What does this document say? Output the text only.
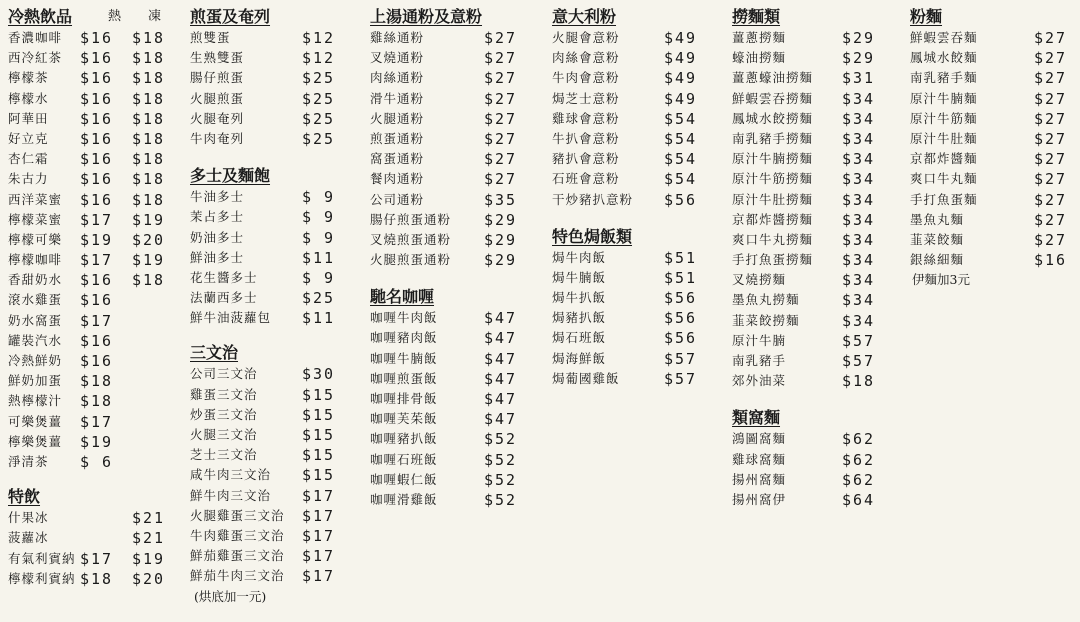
冷熱飲品	熱 凍
香濃咖啡 $16 $18
西冷紅茶 $16 $18
檸檬茶 $16 $18
檸檬水 $16 $18
阿華田 $16 $18
好立克 $16 $18
杏仁霜 $16 $18
朱古力 $16 $18
西洋菜蜜 $16 $18
檸檬菜蜜 $17 $19
檸檬可樂 $19 $20
檸檬咖啡 $17 $19
香甜奶水 $16 $18
滾水雞蛋 $16
奶水窩蛋 $17
罐裝汽水 $16
冷熱鮮奶 $16
鮮奶加蛋 $18
熱檸檬汁 $18
可樂煲薑 $17
檸樂煲薑 $19
淨清茶 $ 6
特飲
什果冰	$21
菠蘿冰	$21
有氣利賓納 $17 $19
檸檬利賓納 $18 $20
煎蛋及奄列
煎雙蛋	$12
生熟雙蛋	$12
腸仔煎蛋	$25
火腿煎蛋	$25
火腿奄列	$25
牛肉奄列	$25
多士及麵飽
牛油多士	$ 9
茉占多士	$ 9
奶油多士	$ 9
鮮油多士	$11
花生醬多士	$ 9
法蘭西多士	$25
鮮牛油菠蘿包 $11
三文治
公司三文治	$30
雞蛋三文治	$15
炒蛋三文治	$15
火腿三文治	$15
芝士三文治	$15
咸牛肉三文治 $15
鮮牛肉三文治 $17
火腿雞蛋三文治 $17
牛肉雞蛋三文治 $17
鮮茄雞蛋三文治 $17
鮮茄牛肉三文治 $17
(烘底加一元)
上湯通粉及意粉
雞絲通粉	$27
叉燒通粉	$27
肉絲通粉	$27
滑牛通粉	$27
火腿通粉	$27
煎蛋通粉	$27
窩蛋通粉	$27
餐肉通粉	$27
公司通粉	$35
腸仔煎蛋通粉 $29
叉燒煎蛋通粉 $29
火腿煎蛋通粉 $29
馳名咖喱
咖喱牛肉飯	$47
咖喱豬肉飯	$47
咖喱牛腩飯	$47
咖喱煎蛋飯	$47
咖喱排骨飯	$47
咖喱芙茱飯	$47
咖喱豬扒飯	$52
咖喱石班飯	$52
咖喱蝦仁飯	$52
咖喱滑雞飯	$52
意大利粉
火腿會意粉	$49
肉絲會意粉	$49
牛肉會意粉	$49
焗芝士意粉	$49
雞球會意粉	$54
牛扒會意粉	$54
豬扒會意粉	$54
石班會意粉	$54
干炒豬扒意粉 $56
特色焗飯類
焗牛肉飯	$51
焗牛腩飯	$51
焗牛扒飯	$56
焗豬扒飯	$56
焗石班飯	$56
焗海鮮飯	$57
焗葡國雞飯	$57
撈麵類
薑蔥撈麵	$29
蠔油撈麵	$29
薑蔥蠔油撈麵 $31
鮮蝦雲吞撈麵 $34
鳳城水餃撈麵 $34
南乳豬手撈麵 $34
原汁牛腩撈麵 $34
原汁牛筋撈麵 $34
原汁牛肚撈麵 $34
京都炸醬撈麵 $34
爽口牛丸撈麵 $34
手打魚蛋撈麵 $34
叉燒撈麵	$34
墨魚丸撈麵	$34
韮菜餃撈麵	$34
原汁牛腩	$57
南乳豬手	$57
郊外油菜	$18
類窩麵
鴻圖窩麵	$62
雞球窩麵	$62
揚州窩麵	$62
揚州窩伊	$64
粉麵
鮮蝦雲吞麵	$27
鳳城水餃麵	$27
南乳豬手麵	$27
原汁牛腩麵	$27
原汁牛筋麵	$27
原汁牛肚麵	$27
京都炸醬麵	$27
爽口牛丸麵	$27
手打魚蛋麵	$27
墨魚丸麵	$27
韮菜餃麵	$27
銀絲細麵	$16
伊麵加3元
